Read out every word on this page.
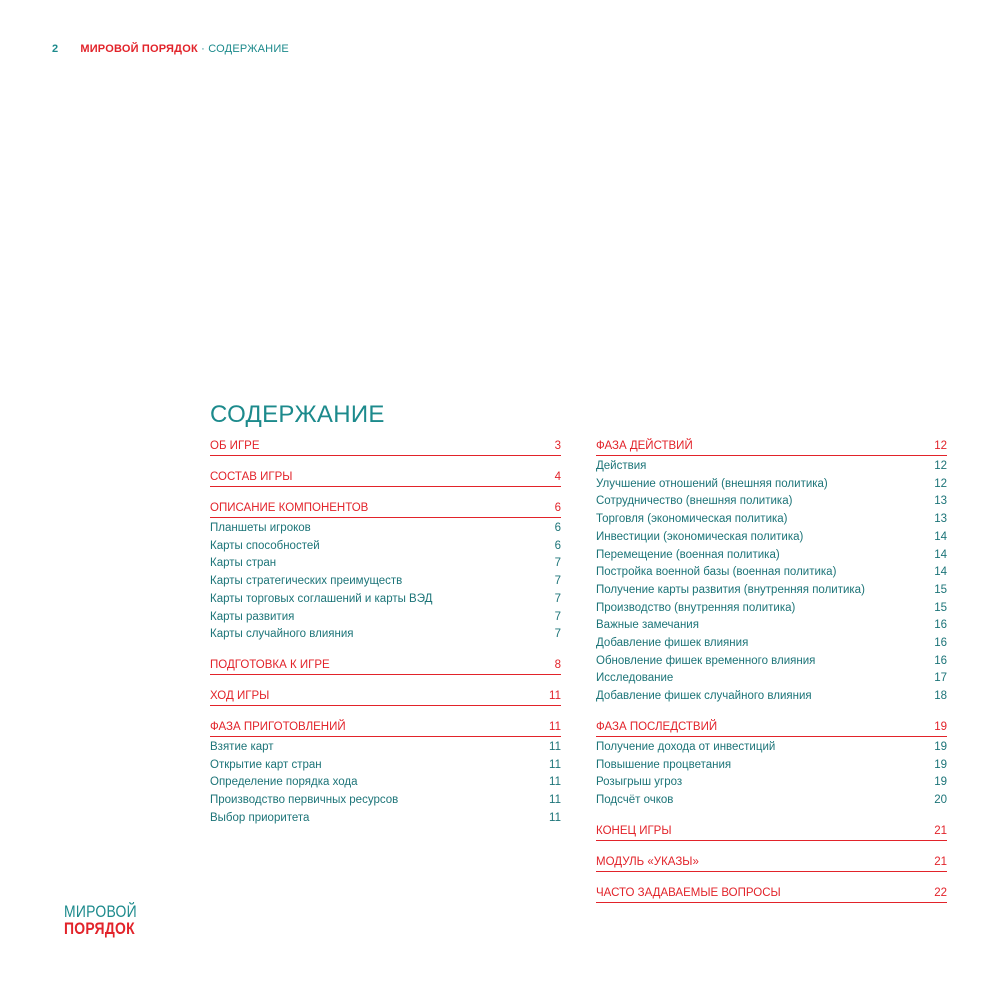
2 МИРОВОЙ ПОРЯДОК · СОДЕРЖАНИЕ
СОДЕРЖАНИЕ
ОБ ИГРЕ	3
СОСТАВ ИГРЫ	4
ОПИСАНИЕ КОМПОНЕНТОВ	6
Планшеты игроков	6
Карты способностей	6
Карты стран	7
Карты стратегических преимуществ	7
Карты торговых соглашений и карты ВЭД	7
Карты развития	7
Карты случайного влияния	7
ПОДГОТОВКА К ИГРЕ	8
ХОД ИГРЫ	11
ФАЗА ПРИГОТОВЛЕНИЙ	11
Взятие карт	11
Открытие карт стран	11
Определение порядка хода	11
Производство первичных ресурсов	11
Выбор приоритета	11
ФАЗА ДЕЙСТВИЙ	12
Действия	12
Улучшение отношений (внешняя политика)	12
Сотрудничество (внешняя политика)	13
Торговля (экономическая политика)	13
Инвестиции (экономическая политика)	14
Перемещение (военная политика)	14
Постройка военной базы (военная политика)	14
Получение карты развития (внутренняя политика)	15
Производство (внутренняя политика)	15
Важные замечания	16
Добавление фишек влияния	16
Обновление фишек временного влияния	16
Исследование	17
Добавление фишек случайного влияния	18
ФАЗА ПОСЛЕДСТВИЙ	19
Получение дохода от инвестиций	19
Повышение процветания	19
Розыгрыш угроз	19
Подсчёт очков	20
КОНЕЦ ИГРЫ	21
МОДУЛЬ «УКАЗЫ»	21
ЧАСТО ЗАДАВАЕМЫЕ ВОПРОСЫ	22
МИРОВОЙ
ПОРЯДОК
